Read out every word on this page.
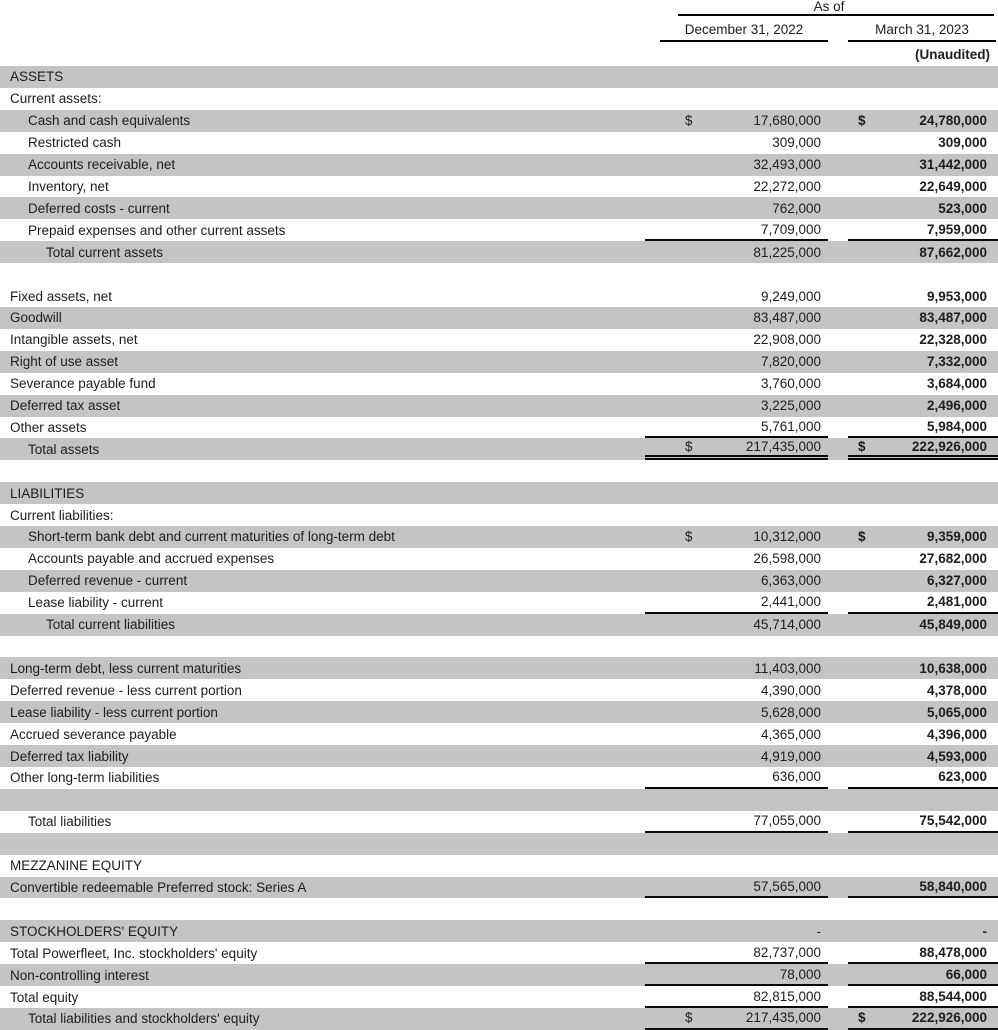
As of
December 31, 2022	March 31, 2023
(Unaudited)
ASSETS
Current assets:
Cash and cash equivalents	$	17,680,000	$	24,780,000
Restricted cash	309,000	309,000
Accounts receivable, net	32,493,000	31,442,000
Inventory, net	22,272,000	22,649,000
Deferred costs - current	762,000	523,000
Prepaid expenses and other current assets	7,709,000	7,959,000
Total current assets	81,225,000	87,662,000
Fixed assets, net	9,249,000	9,953,000
Goodwill	83,487,000	83,487,000
Intangible assets, net	22,908,000	22,328,000
Right of use asset	7,820,000	7,332,000
Severance payable fund	3,760,000	3,684,000
Deferred tax asset	3,225,000	2,496,000
Other assets	5,761,000	5,984,000
Total assets	$	217,435,000	$	222,926,000
LIABILITIES
Current liabilities:
Short-term bank debt and current maturities of long-term debt	$	10,312,000	$	9,359,000
Accounts payable and accrued expenses	26,598,000	27,682,000
Deferred revenue - current	6,363,000	6,327,000
Lease liability - current	2,441,000	2,481,000
Total current liabilities	45,714,000	45,849,000
Long-term debt, less current maturities	11,403,000	10,638,000
Deferred revenue - less current portion	4,390,000	4,378,000
Lease liability - less current portion	5,628,000	5,065,000
Accrued severance payable	4,365,000	4,396,000
Deferred tax liability	4,919,000	4,593,000
Other long-term liabilities	636,000	623,000
Total liabilities	77,055,000	75,542,000
MEZZANINE EQUITY
Convertible redeemable Preferred stock: Series A	57,565,000	58,840,000
STOCKHOLDERS' EQUITY	-	-
Total Powerfleet, Inc. stockholders' equity	82,737,000	88,478,000
Non-controlling interest	78,000	66,000
Total equity	82,815,000	88,544,000
Total liabilities and stockholders' equity	$	217,435,000	$	222,926,000
